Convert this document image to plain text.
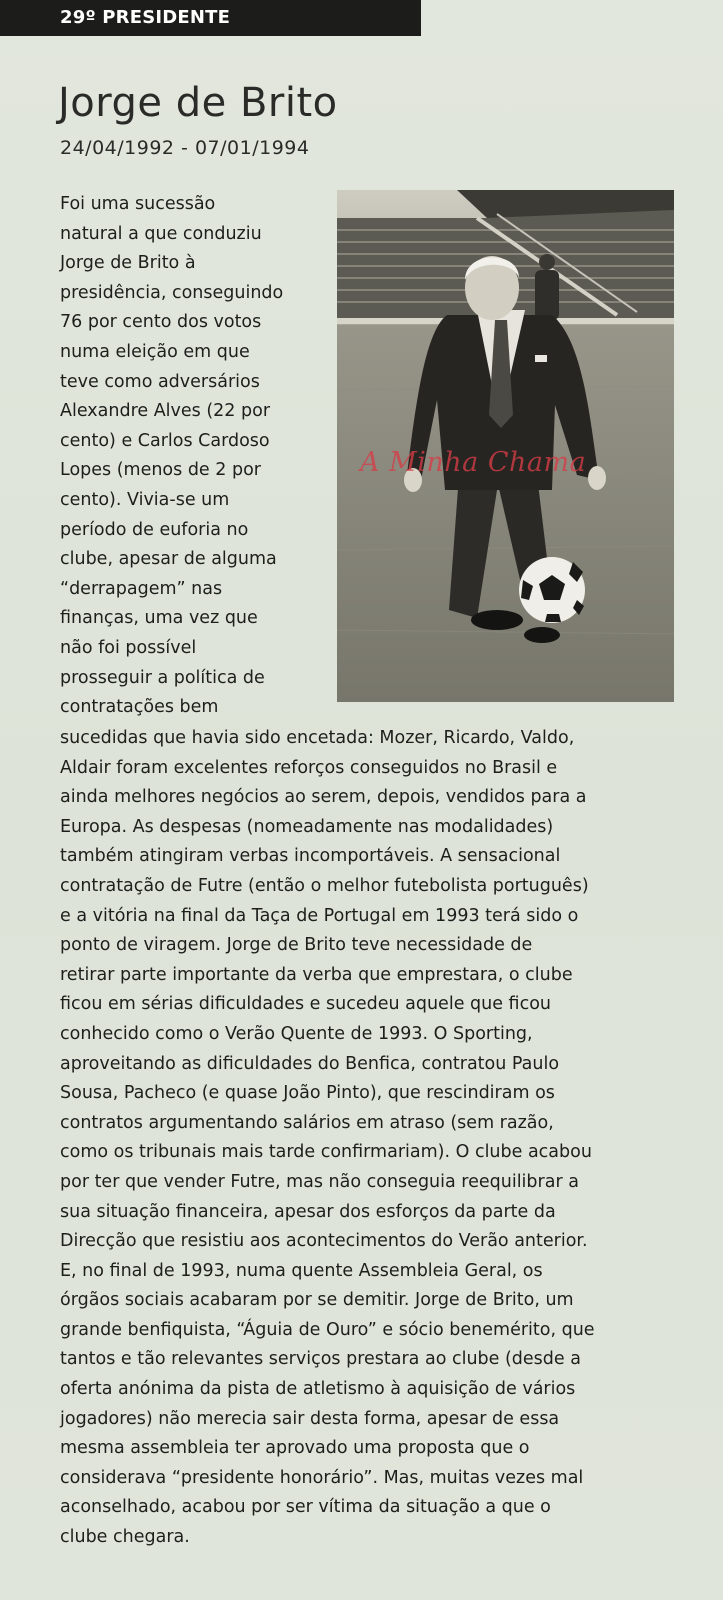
29º PRESIDENTE
Jorge de Brito
24/04/1992 - 07/01/1994

Foi uma sucessão
natural a que conduziu
Jorge de Brito à
presidência, conseguindo
76 por cento dos votos
numa eleição em que
teve como adversários
Alexandre Alves (22 por
cento) e Carlos Cardoso
Lopes (menos de 2 por
cento). Vivia-se um
período de euforia no
clube, apesar de alguma
“derrapagem” nas
finanças, uma vez que
não foi possível
prosseguir a política de
contratações bem

A Minha Chama

sucedidas que havia sido encetada: Mozer, Ricardo, Valdo,
Aldair foram excelentes reforços conseguidos no Brasil e
ainda melhores negócios ao serem, depois, vendidos para a
Europa. As despesas (nomeadamente nas modalidades)
também atingiram verbas incomportáveis. A sensacional
contratação de Futre (então o melhor futebolista português)
e a vitória na final da Taça de Portugal em 1993 terá sido o
ponto de viragem. Jorge de Brito teve necessidade de
retirar parte importante da verba que emprestara, o clube
ficou em sérias dificuldades e sucedeu aquele que ficou
conhecido como o Verão Quente de 1993. O Sporting,
aproveitando as dificuldades do Benfica, contratou Paulo
Sousa, Pacheco (e quase João Pinto), que rescindiram os
contratos argumentando salários em atraso (sem razão,
como os tribunais mais tarde confirmariam). O clube acabou
por ter que vender Futre, mas não conseguia reequilibrar a
sua situação financeira, apesar dos esforços da parte da
Direcção que resistiu aos acontecimentos do Verão anterior.
E, no final de 1993, numa quente Assembleia Geral, os
órgãos sociais acabaram por se demitir. Jorge de Brito, um
grande benfiquista, “Águia de Ouro” e sócio benemérito, que
tantos e tão relevantes serviços prestara ao clube (desde a
oferta anónima da pista de atletismo à aquisição de vários
jogadores) não merecia sair desta forma, apesar de essa
mesma assembleia ter aprovado uma proposta que o
considerava “presidente honorário”. Mas, muitas vezes mal
aconselhado, acabou por ser vítima da situação a que o
clube chegara.
